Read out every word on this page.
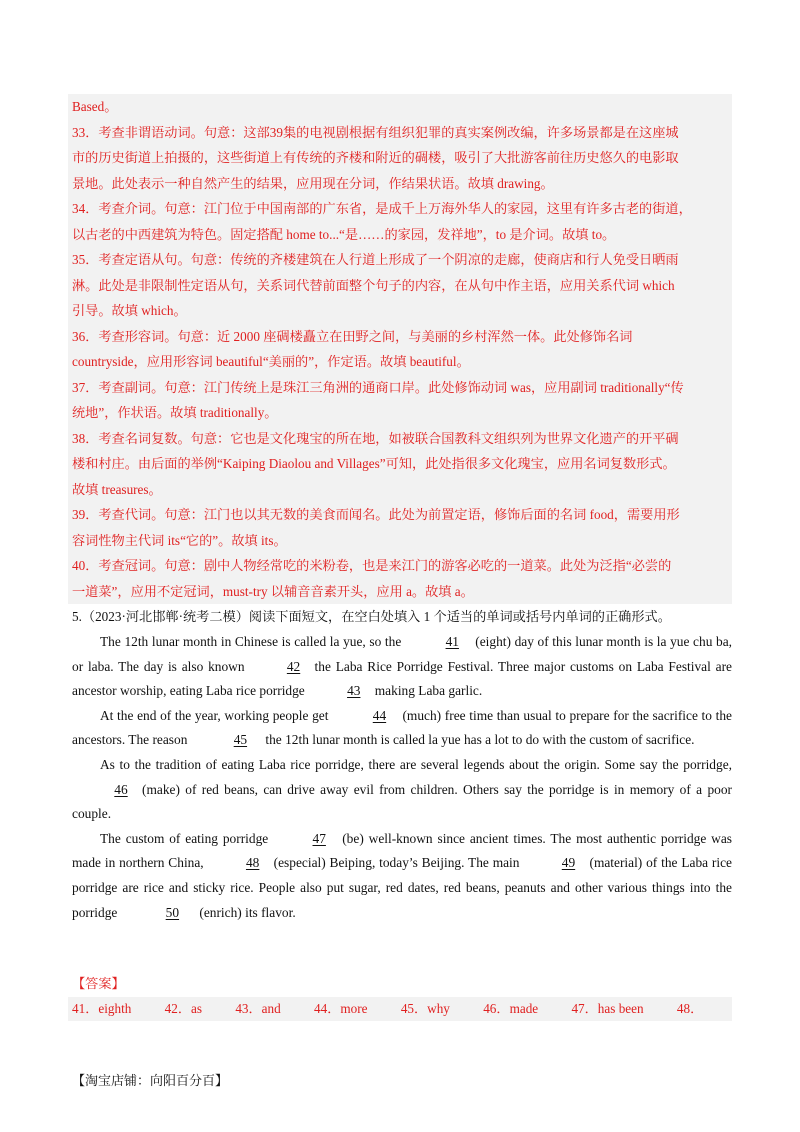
Based。
33．考查非谓语动词。句意：这部39集的电视剧根据有组织犯罪的真实案例改编，许多场景都是在这座城
市的历史街道上拍摄的，这些街道上有传统的齐楼和附近的碉楼，吸引了大批游客前往历史悠久的电影取
景地。此处表示一种自然产生的结果，应用现在分词，作结果状语。故填 drawing。
34．考查介词。句意：江门位于中国南部的广东省，是成千上万海外华人的家园，这里有许多古老的街道，
以古老的中西建筑为特色。固定搭配 home to...“是……的家园，发祥地”，to 是介词。故填 to。
35．考查定语从句。句意：传统的齐楼建筑在人行道上形成了一个阴凉的走廊，使商店和行人免受日晒雨
淋。此处是非限制性定语从句，关系词代替前面整个句子的内容，在从句中作主语，应用关系代词 which
引导。故填 which。
36．考查形容词。句意：近 2000 座碉楼矗立在田野之间，与美丽的乡村浑然一体。此处修饰名词
countryside，应用形容词 beautiful“美丽的”，作定语。故填 beautiful。
37．考查副词。句意：江门传统上是珠江三角洲的通商口岸。此处修饰动词 was，应用副词 traditionally“传
统地”，作状语。故填 traditionally。
38．考查名词复数。句意：它也是文化瑰宝的所在地，如被联合国教科文组织列为世界文化遗产的开平碉
楼和村庄。由后面的举例“Kaiping Diaolou and Villages”可知，此处指很多文化瑰宝，应用名词复数形式。
故填 treasures。
39．考查代词。句意：江门也以其无数的美食而闻名。此处为前置定语，修饰后面的名词 food，需要用形
容词性物主代词 its“它的”。故填 its。
40．考查冠词。句意：剧中人物经常吃的米粉卷，也是来江门的游客必吃的一道菜。此处为泛指“必尝的
一道菜”，应用不定冠词，must-try 以辅音音素开头，应用 a。故填 a。
5.（2023·河北邯郸·统考二模）阅读下面短文，在空白处填入 1 个适当的单词或括号内单词的正确形式。

The 12th lunar month in Chinese is called la yue, so the	41 (eight) day of this lunar month is la yue chu ba, or laba. The day is also known	42 the Laba Rice Porridge Festival. Three major customs on Laba Festival are ancestor worship, eating Laba rice porridge	43 making Laba garlic.

At the end of the year, working people get	44 (much) free time than usual to prepare for the sacrifice to the ancestors. The reason	45 the 12th lunar month is called la yue has a lot to do with the custom of sacrifice.

As to the tradition of eating Laba rice porridge, there are several legends about the origin. Some say the porridge,46 (make) of red beans, can drive away evil from children. Others say the porridge is in memory of a poor couple.

The custom of eating porridge	47 (be) well-known since ancient times. The most authentic porridge was made in northern China,	48 (especial) Beiping, today’s Beijing. The main	49 (material) of the Laba rice porridge are rice and sticky rice. People also put sugar, red dates, red beans, peanuts and other various things into the porridge	50 (enrich) its flavor.

【答案】
41．eighth	42．as	43．and	44．more	45．why	46．made	47．has been	48．
【淘宝店铺：向阳百分百】
